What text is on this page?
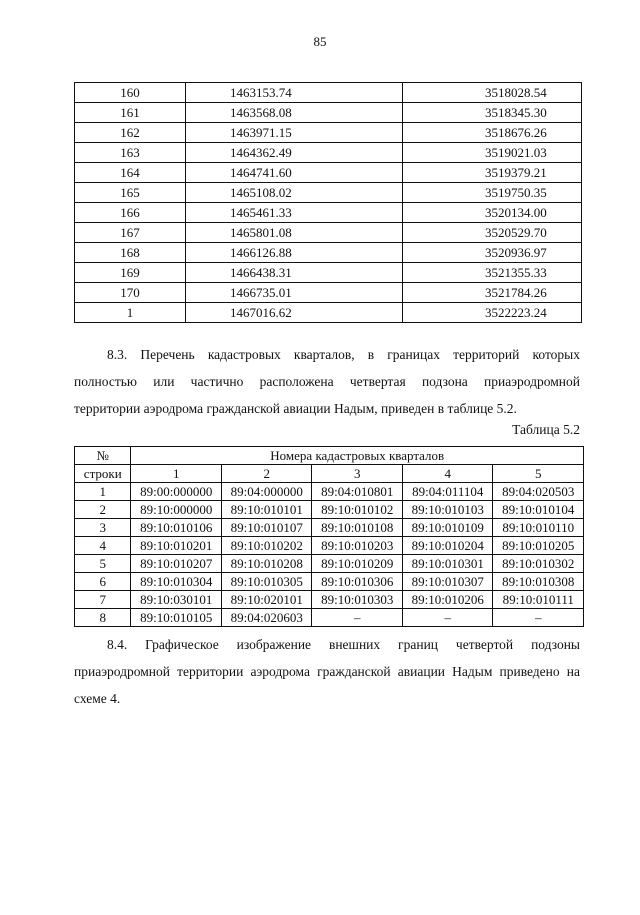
85
160	1463153.74	3518028.54
161	1463568.08	3518345.30
162	1463971.15	3518676.26
163	1464362.49	3519021.03
164	1464741.60	3519379.21
165	1465108.02	3519750.35
166	1465461.33	3520134.00
167	1465801.08	3520529.70
168	1466126.88	3520936.97
169	1466438.31	3521355.33
170	1466735.01	3521784.26
1	1467016.62	3522223.24
8.3. Перечень кадастровых кварталов, в границах территорий которых
полностью или частично расположена четвертая подзона приаэродромной
территории аэродрома гражданской авиации Надым, приведен в таблице 5.2.
Таблица 5.2
№	Номера кадастровых кварталов				
строки	1	2	3	4	5
1	89:00:000000	89:04:000000	89:04:010801	89:04:011104	89:04:020503
2	89:10:000000	89:10:010101	89:10:010102	89:10:010103	89:10:010104
3	89:10:010106	89:10:010107	89:10:010108	89:10:010109	89:10:010110
4	89:10:010201	89:10:010202	89:10:010203	89:10:010204	89:10:010205
5	89:10:010207	89:10:010208	89:10:010209	89:10:010301	89:10:010302
6	89:10:010304	89:10:010305	89:10:010306	89:10:010307	89:10:010308
7	89:10:030101	89:10:020101	89:10:010303	89:10:010206	89:10:010111
8	89:10:010105	89:04:020603	–	–	–
8.4. Графическое изображение внешних границ четвертой подзоны
приаэродромной территории аэродрома гражданской авиации Надым приведено на
схеме 4.
